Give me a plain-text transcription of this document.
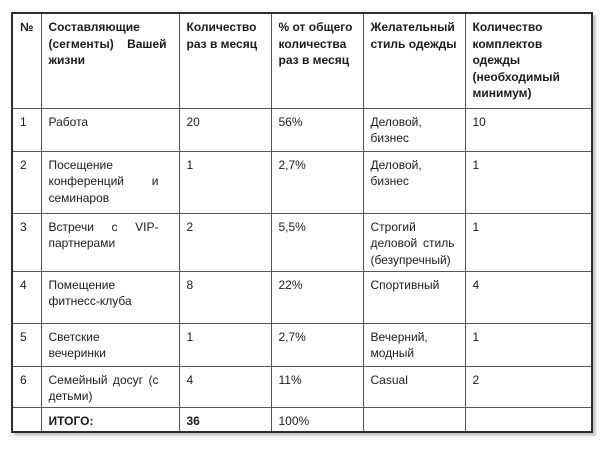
№	Составляющие (сегменты) Вашей жизни	Количество раз в месяц	% от общего количества раз в месяц	Желательный стиль одежды	Количество комплектов одежды (необходимый минимум)
1	Работа	20	56%	Деловой, бизнес	10
2	Посещение конференций и семинаров	1	2,7%	Деловой, бизнес	1
3	Встречи с VIP-партнерами	2	5,5%	Строгий деловой стиль (безупречный)	1
4	Помещение фитнесс-клуба	8	22%	Спортивный	4
5	Светские вечеринки	1	2,7%	Вечерний, модный	1
6	Семейный досуг (с детьми)	4	11%	Casual	2
	ИТОГО:	36	100%		
